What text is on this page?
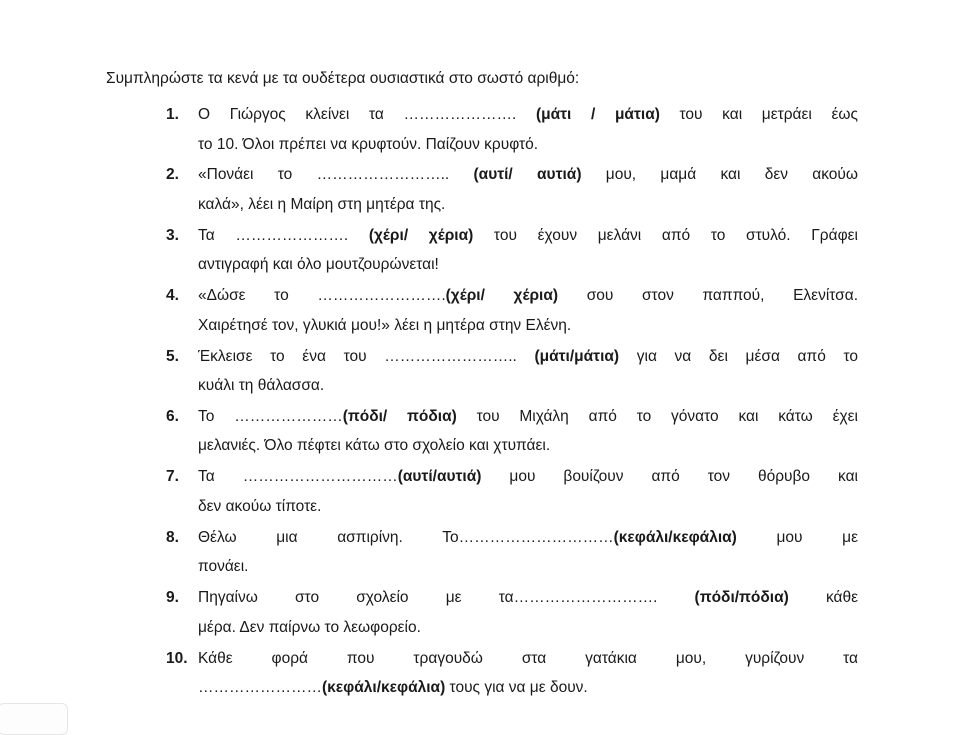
Συμπληρώστε τα κενά με τα ουδέτερα ουσιαστικά στο σωστό αριθμό:
1. Ο Γιώργος κλείνει τα …………………. (μάτι / μάτια) του και μετράει έως
το 10. Όλοι πρέπει να κρυφτούν. Παίζουν κρυφτό.
2. «Πονάει το …………………….. (αυτί/ αυτιά) μου, μαμά και δεν ακούω
καλά», λέει η Μαίρη στη μητέρα της.
3. Τα …………………. (χέρι/ χέρια) του έχουν μελάνι από το στυλό. Γράφει
αντιγραφή και όλο μουτζουρώνεται!
4. «Δώσε το …………………….(χέρι/ χέρια) σου στον παππού, Ελενίτσα.
Χαιρέτησέ τον, γλυκιά μου!» λέει η μητέρα στην Ελένη.
5. Έκλεισε το ένα του …………………….. (μάτι/μάτια) για να δει μέσα από το
κυάλι τη θάλασσα.
6. Το …………………(πόδι/ πόδια) του Μιχάλη από το γόνατο και κάτω έχει
μελανιές. Όλο πέφτει κάτω στο σχολείο και χτυπάει.
7. Τα …………………………(αυτί/αυτιά) μου βουίζουν από τον θόρυβο και
δεν ακούω τίποτε.
8. Θέλω μια ασπιρίνη. Το…………………………(κεφάλι/κεφάλια) μου με
πονάει.
9. Πηγαίνω στο σχολείο με τα………………………. (πόδι/πόδια) κάθε
μέρα. Δεν παίρνω το λεωφορείο.
10. Κάθε φορά που τραγουδώ στα γατάκια μου, γυρίζουν τα
……………………(κεφάλι/κεφάλια) τους για να με δουν.
